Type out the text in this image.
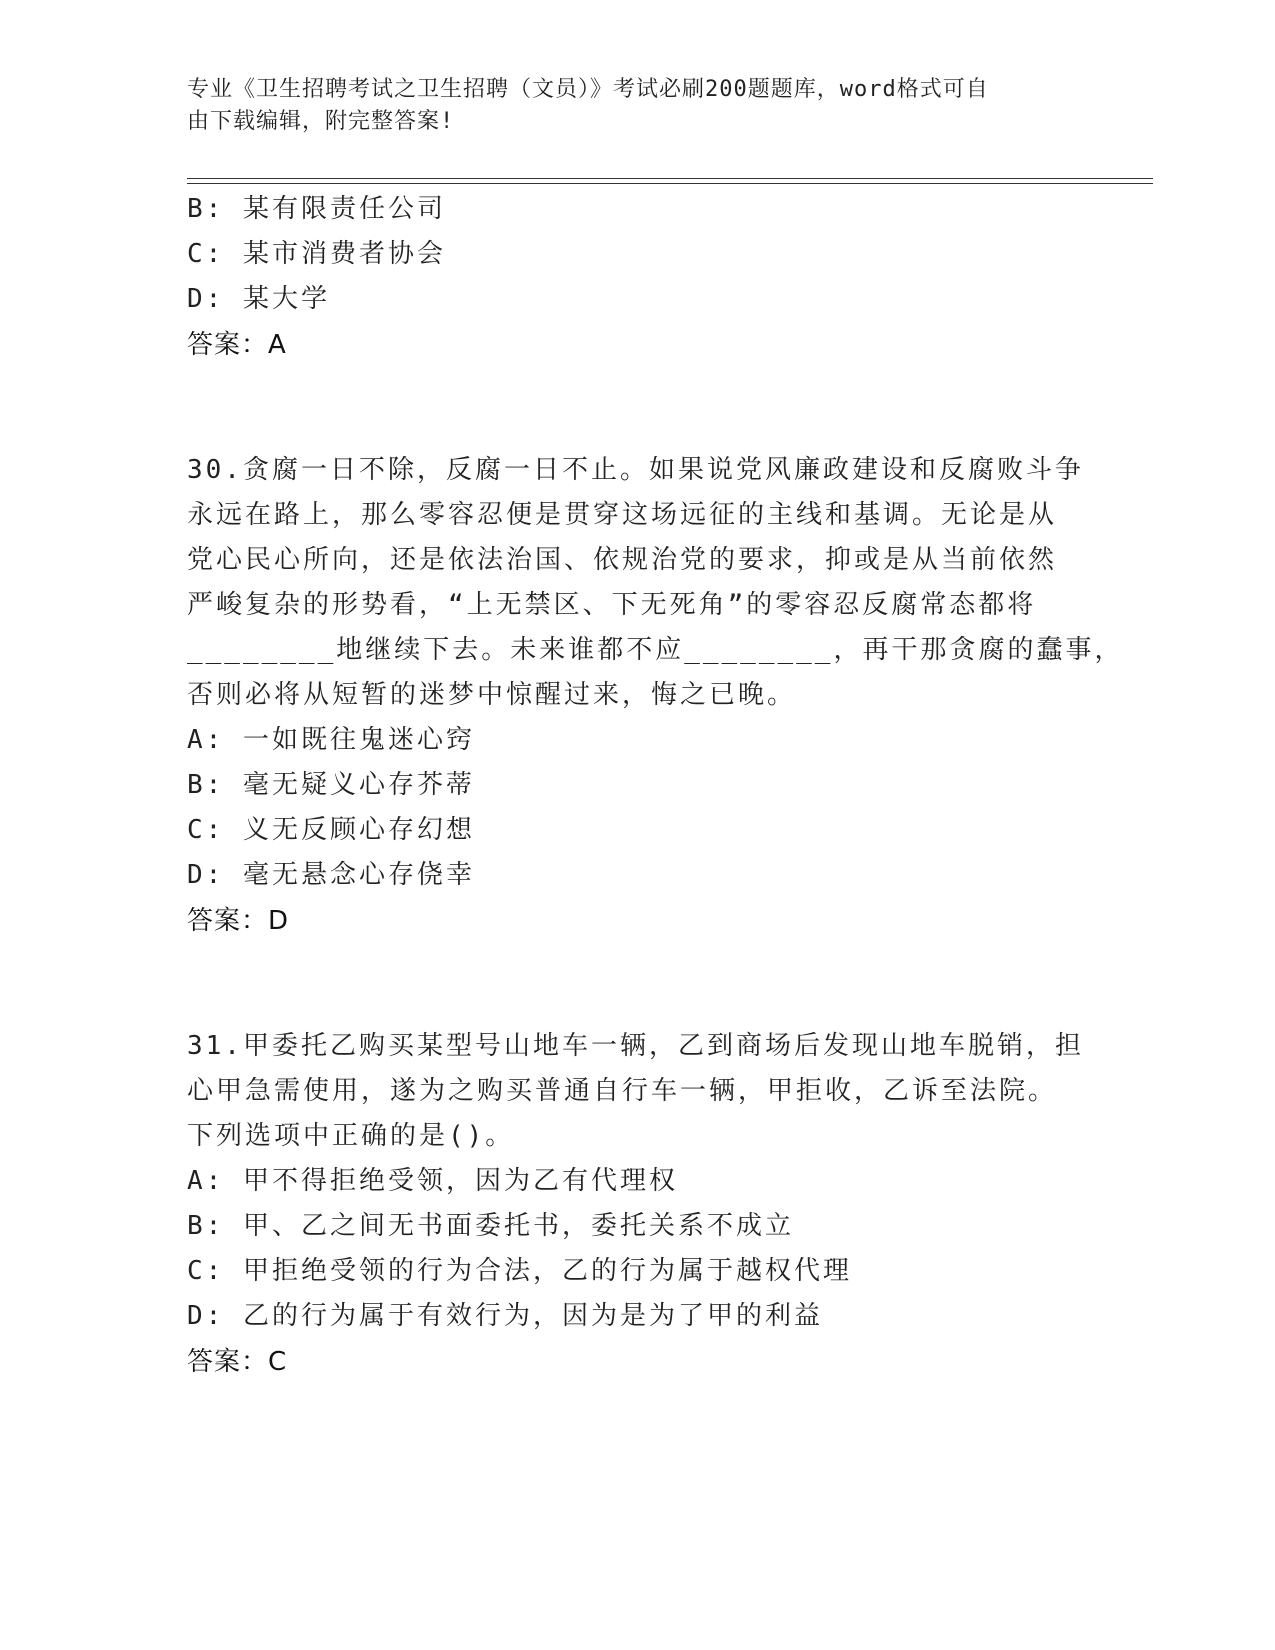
专业《卫生招聘考试之卫生招聘（文员）》考试必刷200题题库，word格式可自
由下载编辑，附完整答案!
B: 某有限责任公司
C: 某市消费者协会
D: 某大学
答案：A
30.贪腐一日不除，反腐一日不止。如果说党风廉政建设和反腐败斗争
永远在路上，那么零容忍便是贯穿这场远征的主线和基调。无论是从
党心民心所向，还是依法治国、依规治党的要求，抑或是从当前依然
严峻复杂的形势看，“上无禁区、下无死角”的零容忍反腐常态都将
________地继续下去。未来谁都不应________，再干那贪腐的蠢事，
否则必将从短暂的迷梦中惊醒过来，悔之已晚。
A: 一如既往鬼迷心窍
B: 毫无疑义心存芥蒂
C: 义无反顾心存幻想
D: 毫无悬念心存侥幸
答案：D
31.甲委托乙购买某型号山地车一辆，乙到商场后发现山地车脱销，担
心甲急需使用，遂为之购买普通自行车一辆，甲拒收，乙诉至法院。
下列选项中正确的是()。
A: 甲不得拒绝受领，因为乙有代理权
B: 甲、乙之间无书面委托书，委托关系不成立
C: 甲拒绝受领的行为合法，乙的行为属于越权代理
D: 乙的行为属于有效行为，因为是为了甲的利益
答案：C
